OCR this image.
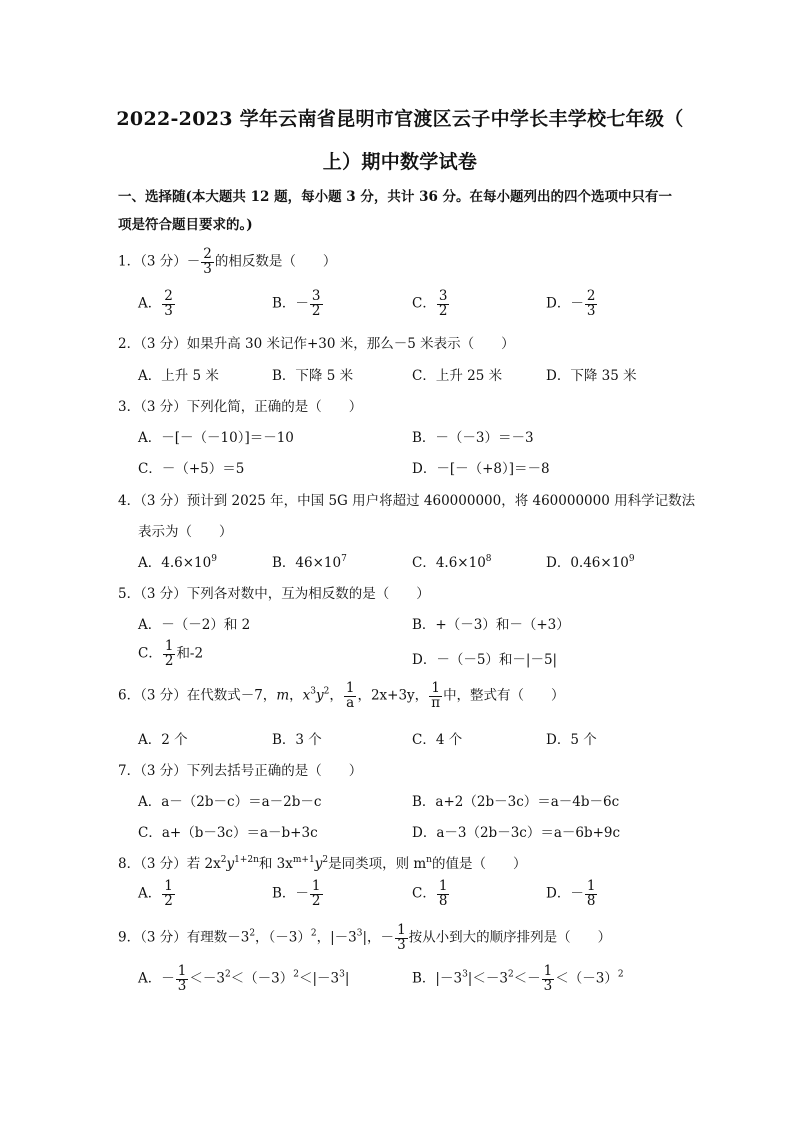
2022-2023 学年云南省昆明市官渡区云子中学长丰学校七年级（
上）期中数学试卷
一、选择随(本大题共 12 题，每小题 3 分，共计 36 分。在每小题列出的四个选项中只有一项是符合题目要求的。)
1．（3 分）－ $\frac{2}{3}$ 的相反数是（　　）
A． $\frac{2}{3}$	B．－ $\frac{3}{2}$	C． $\frac{3}{2}$	D．－ $\frac{2}{3}$
2．（3 分）如果升高 30 米记作+30 米，那么－5 米表示（　　）
A．上升 5 米	B．下降 5 米	C．上升 25 米	D．下降 35 米
3．（3 分）下列化简，正确的是（　　）
A．－[－（－10）]＝－10	B．－（－3）＝－3
C．－（+5）＝5	D．－[－（+8）]＝－8
4．（3 分）预计到 2025 年，中国 5G 用户将超过 460000000，将 460000000 用科学记数法
表示为（　　）
A．$4.6\times 10^9$	B．$46\times 10^7$	C．$4.6\times 10^8$	D．$0.46\times 10^9$
5．（3 分）下列各对数中，互为相反数的是（　　）
A．－（－2）和 2	B．+（－3）和－（+3）
C． $\frac{1}{2}$ 和-2	D．－（－5）和－|－5|
6．（3 分）在代数式－7，m，$x^3y^2$， $\frac{1}{a}$ ，2x+3y， $\frac{1}{\pi}$ 中，整式有（　　）
A．2 个	B．3 个	C．4 个	D．5 个
7．（3 分）下列去括号正确的是（　　）
A．a－（2b－c）＝a－2b－c	B．a+2（2b－3c）＝a－4b－6c
C．a+（b－3c）＝a－b+3c	D．a－3（2b－3c）＝a－6b+9c
8．（3 分）若 $2x^2y^{1+2n}$和 $3x^{m+1}y^2$是同类项，则 $m^n$的值是（　　）
A． $\frac{1}{2}$	B．－ $\frac{1}{2}$	C． $\frac{1}{8}$	D．－ $\frac{1}{8}$
9．（3 分）有理数$-3^2$，$(-3)^2$，$|-3^3|$，－ $\frac{1}{3}$ 按从小到大的顺序排列是（　　）
A．－ $\frac{1}{3} <-3^2<(-3)^2<|-3^3|$	B．$|-3^3|<-3^2<- \frac{1}{3} <(-3)^2$
